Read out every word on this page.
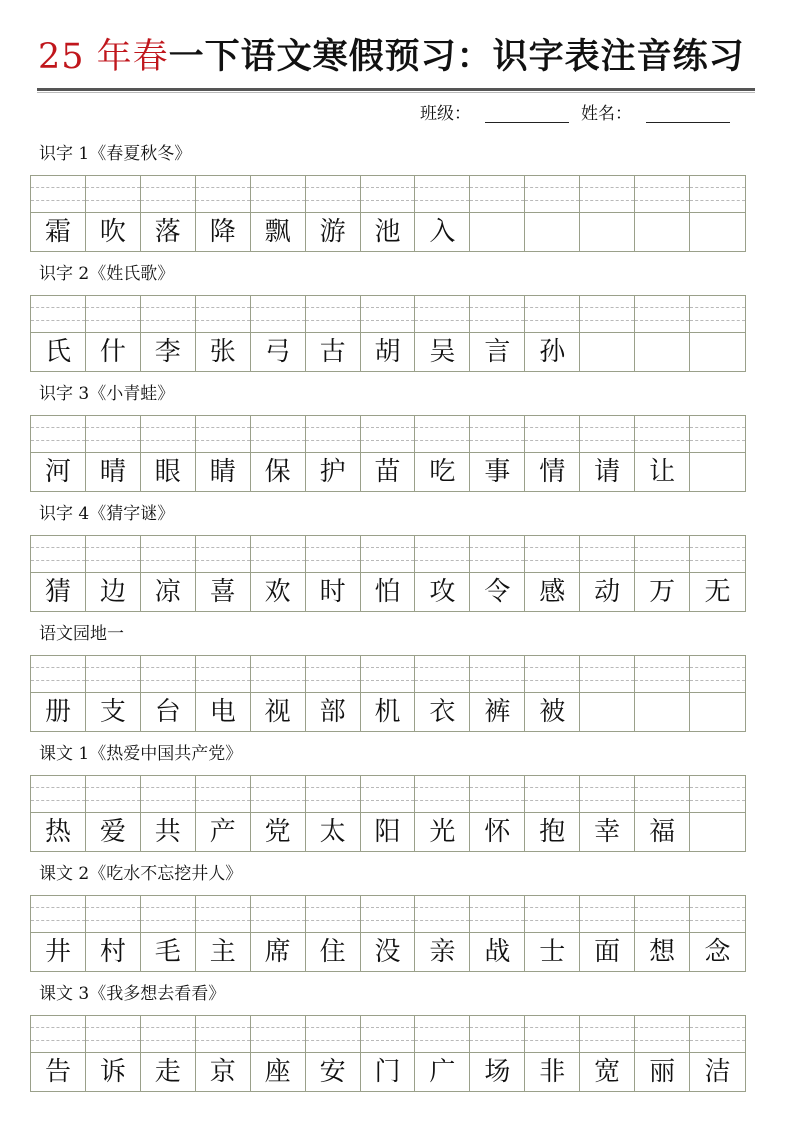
25 年春一下语文寒假预习：识字表注音练习
班级：	姓名：
识字 1《春夏秋冬》
霜	吹	落	降	飘	游	池	入
识字 2《姓氏歌》
氏	什	李	张	弓	古	胡	吴	言	孙
识字 3《小青蛙》
河	晴	眼	睛	保	护	苗	吃	事	情	请	让
识字 4《猜字谜》
猜	边	凉	喜	欢	时	怕	攻	令	感	动	万	无
语文园地一
册	支	台	电	视	部	机	衣	裤	被
课文 1《热爱中国共产党》
热	爱	共	产	党	太	阳	光	怀	抱	幸	福
课文 2《吃水不忘挖井人》
井	村	毛	主	席	住	没	亲	战	士	面	想	念
课文 3《我多想去看看》
告	诉	走	京	座	安	门	广	场	非	宽	丽	洁
